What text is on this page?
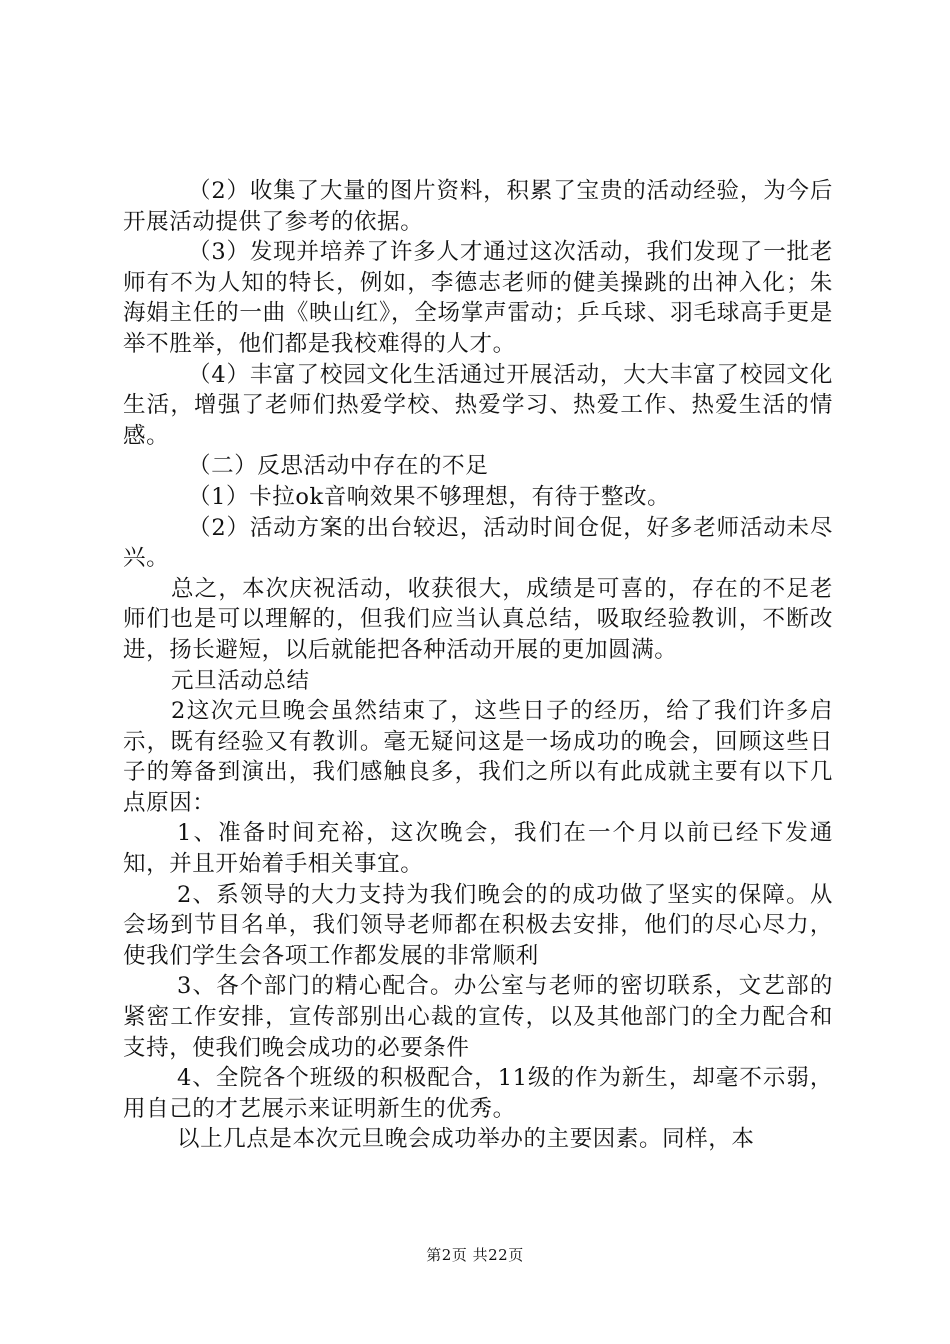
（2）收集了大量的图片资料，积累了宝贵的活动经验，为今后开展活动提供了参考的依据。

（3）发现并培养了许多人才通过这次活动，我们发现了一批老师有不为人知的特长，例如，李德志老师的健美操跳的出神入化；朱海娟主任的一曲《映山红》，全场掌声雷动；乒乓球、羽毛球高手更是举不胜举，他们都是我校难得的人才。

（4）丰富了校园文化生活通过开展活动，大大丰富了校园文化生活，增强了老师们热爱学校、热爱学习、热爱工作、热爱生活的情感。

（二）反思活动中存在的不足

（1）卡拉ok音响效果不够理想，有待于整改。

（2）活动方案的出台较迟，活动时间仓促，好多老师活动未尽兴。

总之，本次庆祝活动，收获很大，成绩是可喜的，存在的不足老师们也是可以理解的，但我们应当认真总结，吸取经验教训，不断改进，扬长避短，以后就能把各种活动开展的更加圆满。

元旦活动总结

2这次元旦晚会虽然结束了，这些日子的经历，给了我们许多启示，既有经验又有教训。毫无疑问这是一场成功的晚会，回顾这些日子的筹备到演出，我们感触良多，我们之所以有此成就主要有以下几点原因：

1、准备时间充裕，这次晚会，我们在一个月以前已经下发通知，并且开始着手相关事宜。

2、系领导的大力支持为我们晚会的的成功做了坚实的保障。从会场到节目名单，我们领导老师都在积极去安排，他们的尽心尽力，使我们学生会各项工作都发展的非常顺利

3、各个部门的精心配合。办公室与老师的密切联系，文艺部的紧密工作安排，宣传部别出心裁的宣传，以及其他部门的全力配合和支持，使我们晚会成功的必要条件

4、全院各个班级的积极配合，11级的作为新生，却毫不示弱，用自己的才艺展示来证明新生的优秀。

以上几点是本次元旦晚会成功举办的主要因素。同样，本

第2页 共22页
